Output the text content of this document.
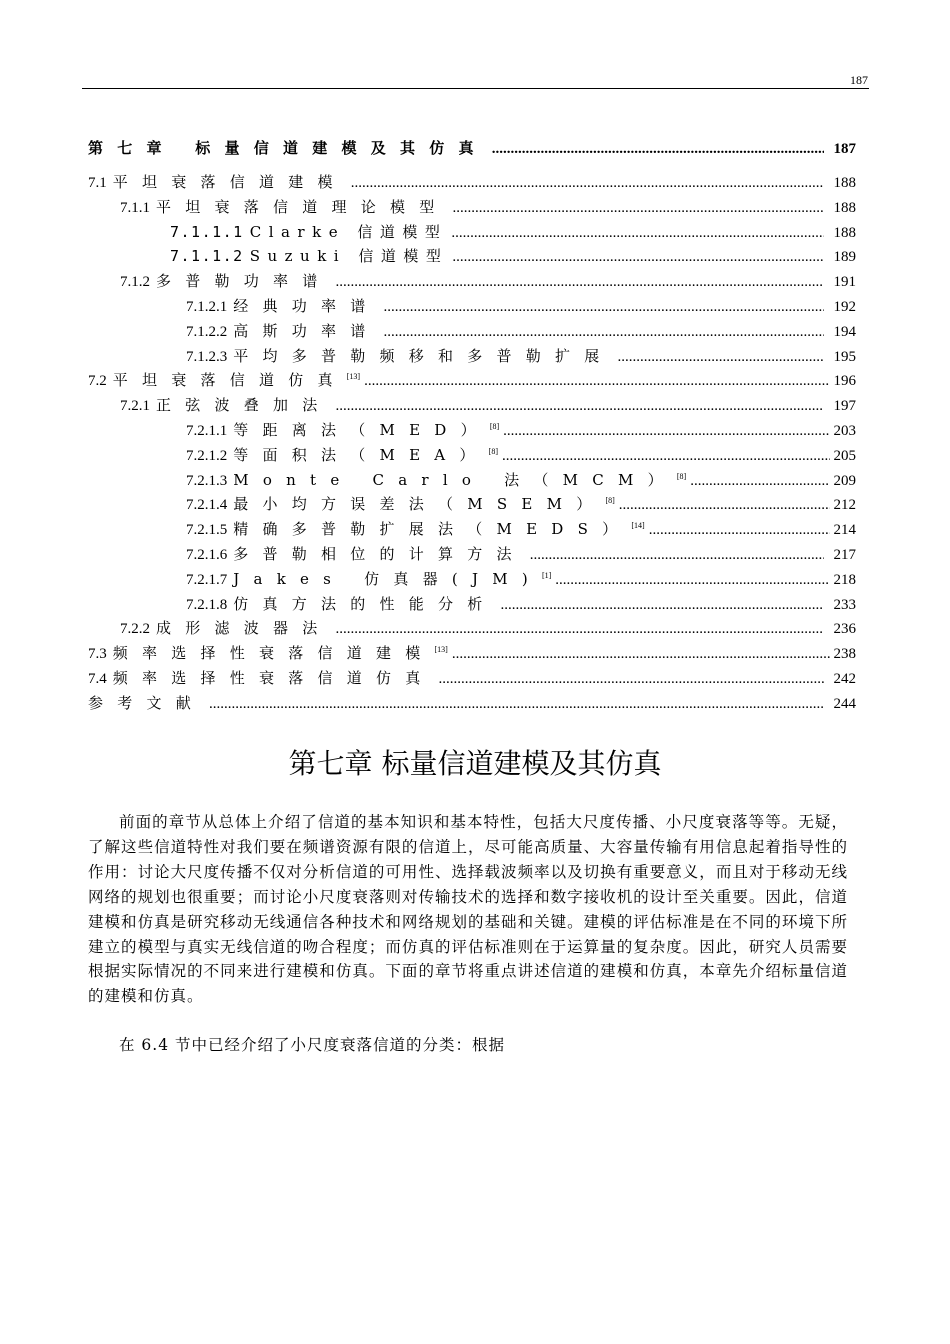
187
第七章 标量信道建模及其仿真 .....	187
7.1 平坦衰落信道建模 .....	188
7.1.1 平坦衰落信道理论模型 .....	188
7.1.1.1 Clarke 信道模型 .....	188
7.1.1.2 Suzuki 信道模型 .....	189
7.1.2 多普勒功率谱 .....	191
7.1.2.1 经典功率谱 .....	192
7.1.2.2 高斯功率谱 .....	194
7.1.2.3 平均多普勒频移和多普勒扩展 .....	195
7.2 平坦衰落信道仿真[13] .....	196
7.2.1 正弦波叠加法 .....	197
7.2.1.1 等距离法（MED）[8] .....	203
7.2.1.2 等面积法（MEA）[8] .....	205
7.2.1.3 Monte Carlo 法（MCM）[8] .....	209
7.2.1.4 最小均方误差法（MSEM）[8] .....	212
7.2.1.5 精确多普勒扩展法（MEDS）[14] .....	214
7.2.1.6 多普勒相位的计算方法 .....	217
7.2.1.7 Jakes 仿真器(JM)[1] .....	218
7.2.1.8 仿真方法的性能分析 .....	233
7.2.2 成形滤波器法 .....	236
7.3 频率选择性衰落信道建模[13] .....	238
7.4 频率选择性衰落信道仿真 .....	242
参考文献 .....	244
第七章 标量信道建模及其仿真

前面的章节从总体上介绍了信道的基本知识和基本特性，包括大尺度传播、小尺度衰落等等。无疑，了解这些信道特性对我们要在频谱资源有限的信道上，尽可能高质量、大容量传输有用信息起着指导性的作用：讨论大尺度传播不仅对分析信道的可用性、选择载波频率以及切换有重要意义，而且对于移动无线网络的规划也很重要；而讨论小尺度衰落则对传输技术的选择和数字接收机的设计至关重要。因此，信道建模和仿真是研究移动无线通信各种技术和网络规划的基础和关键。建模的评估标准是在不同的环境下所建立的模型与真实无线信道的吻合程度；而仿真的评估标准则在于运算量的复杂度。因此，研究人员需要根据实际情况的不同来进行建模和仿真。下面的章节将重点讲述信道的建模和仿真，本章先介绍标量信道的建模和仿真。

在 6.4 节中已经介绍了小尺度衰落信道的分类：根据
